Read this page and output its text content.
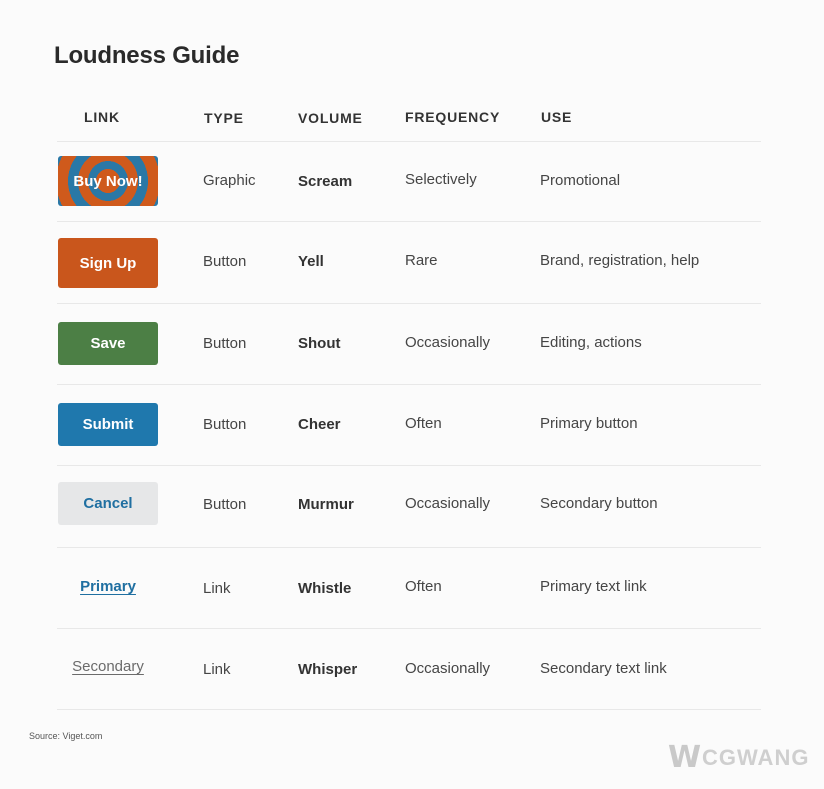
Loudness Guide
LINK	TYPE	VOLUME	FREQUENCY	USE
Buy Now!	Graphic	Scream	Selectively	Promotional
Sign Up	Button	Yell	Rare	Brand, registration, help
Save	Button	Shout	Occasionally	Editing, actions
Submit	Button	Cheer	Often	Primary button
Cancel	Button	Murmur	Occasionally	Secondary button
Primary	Link	Whistle	Often	Primary text link
Secondary	Link	Whisper	Occasionally	Secondary text link
Source: Viget.com
W CGWANG
